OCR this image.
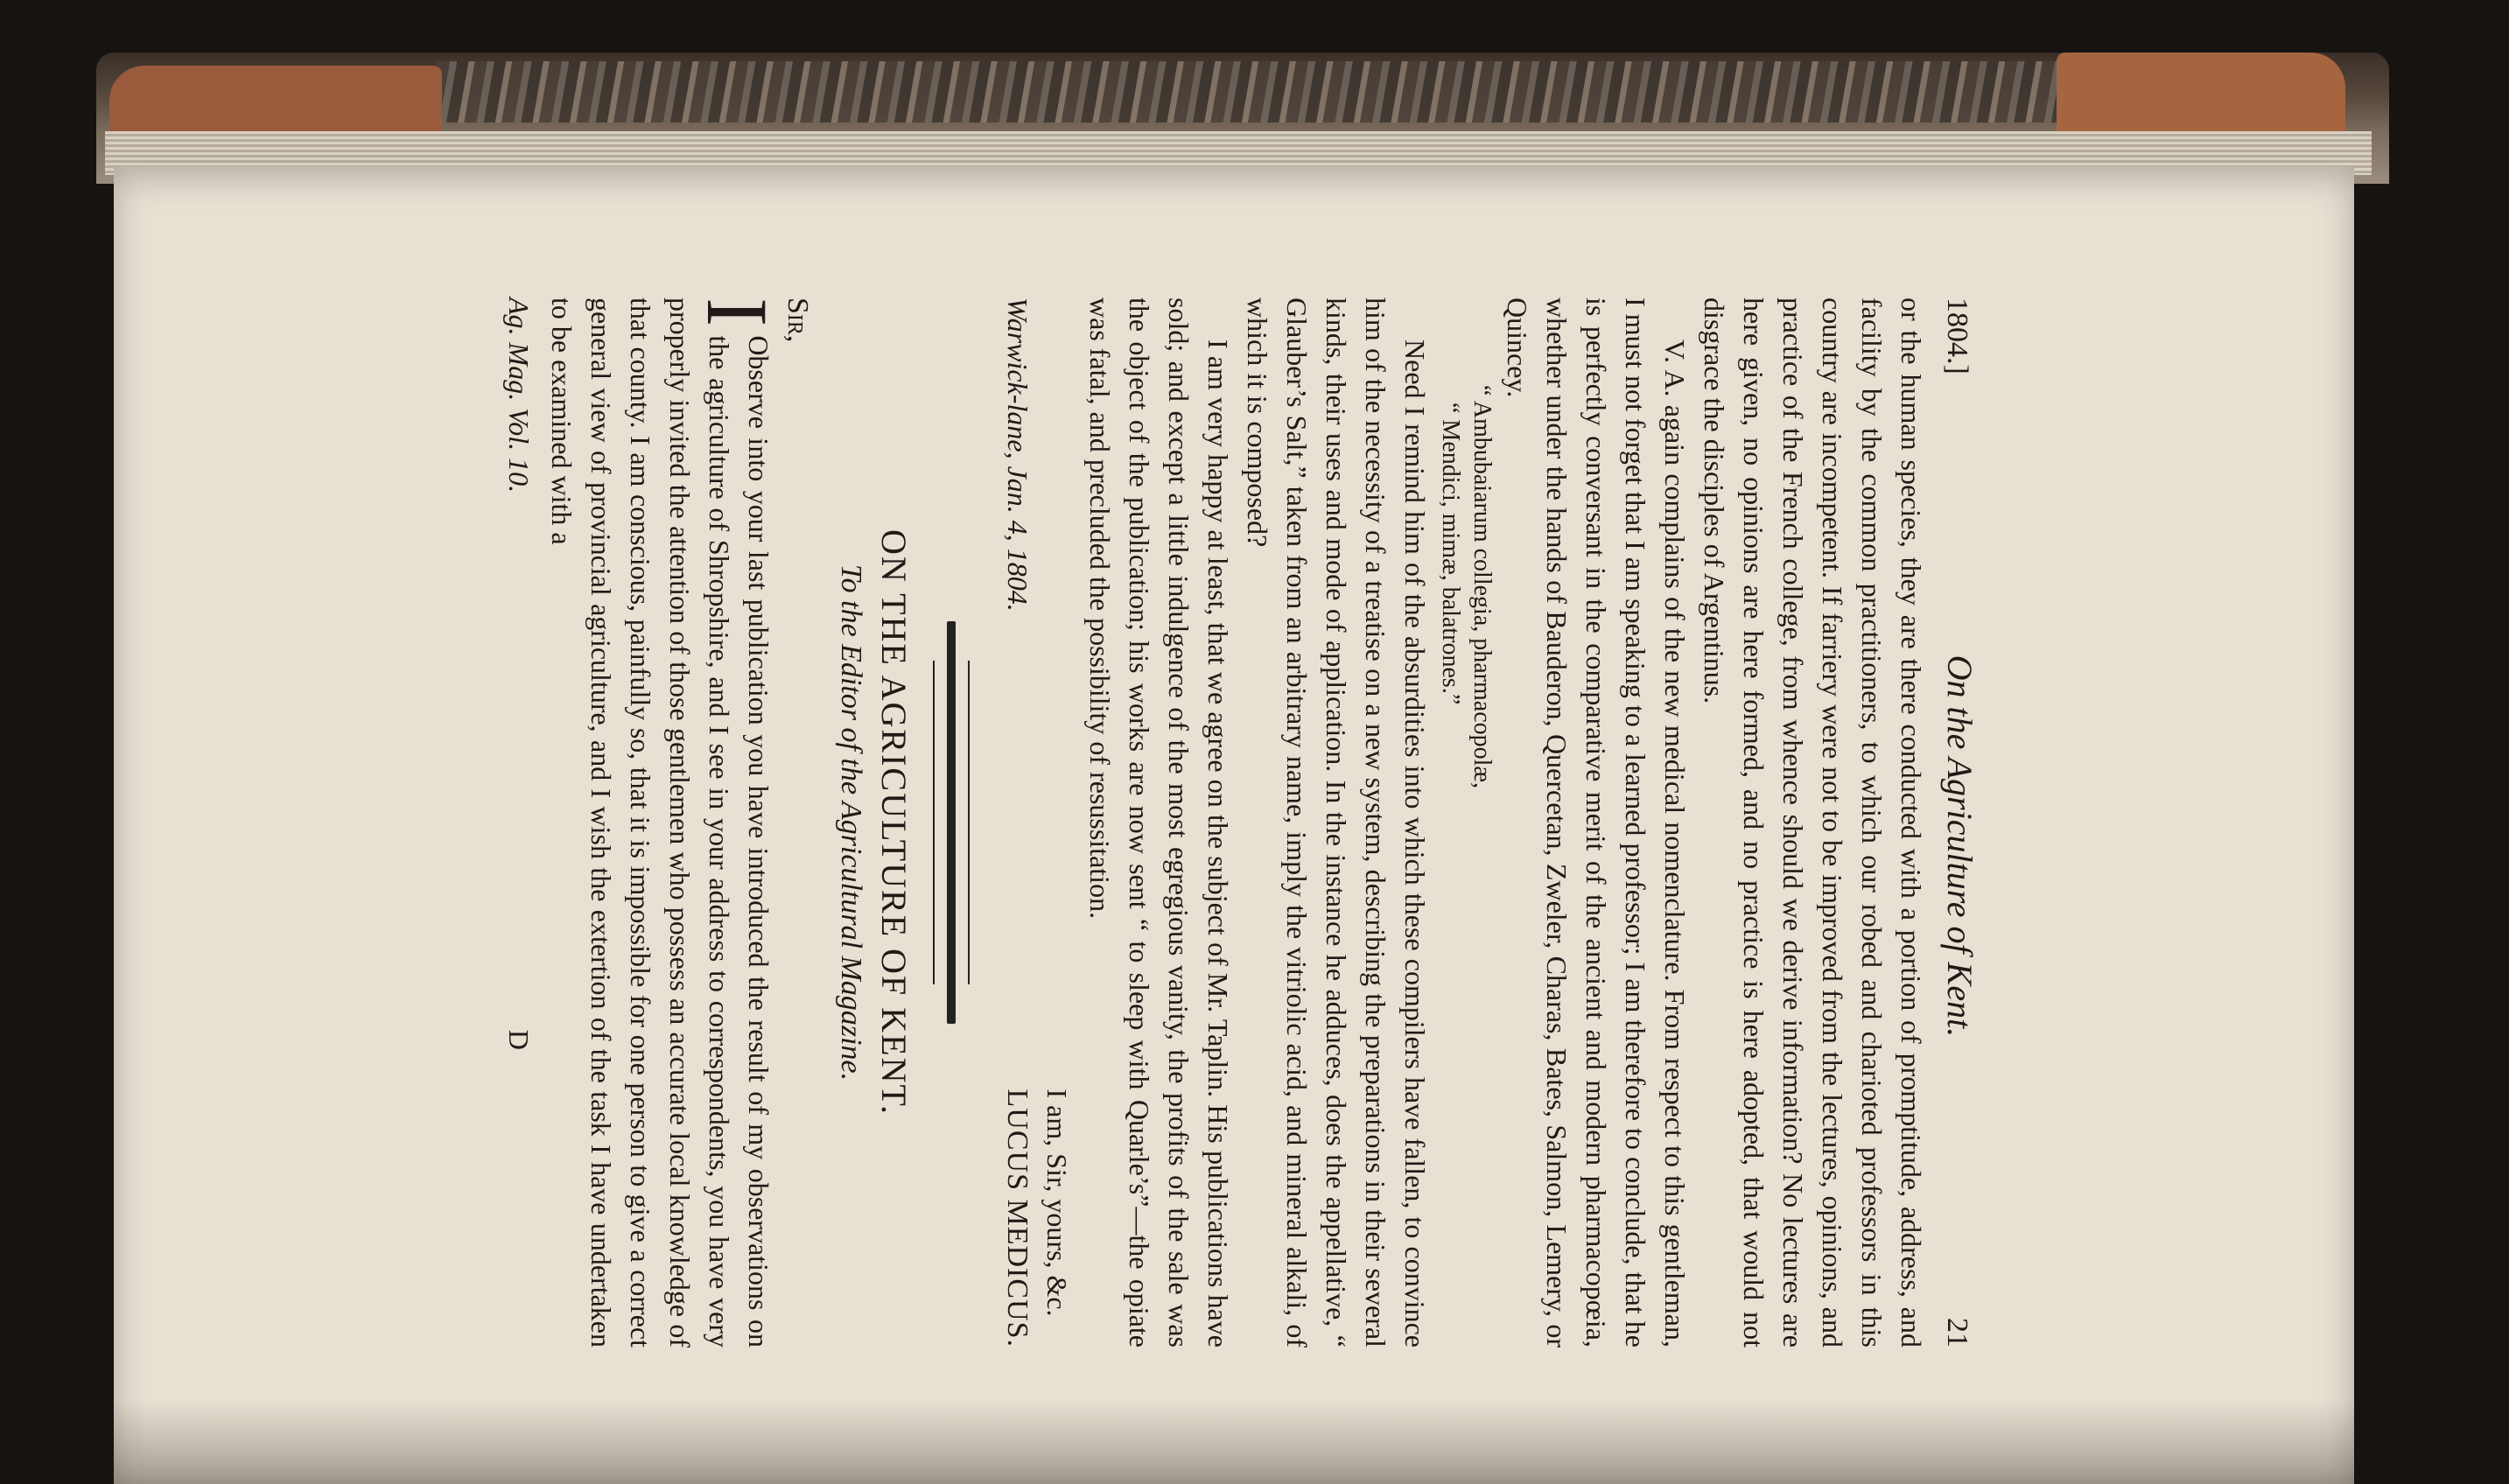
1804.]
On the Agriculture of Kent.
21

or the human species, they are there conducted with a portion of promptitude, address, and facility by the common practitioners, to which our robed and charioted professors in this country are incompetent. If farriery were not to be improved from the lectures, opinions, and practice of the French college, from whence should we derive information? No lectures are here given, no opinions are here formed, and no practice is here adopted, that would not disgrace the disciples of Argentinus.

V. A. again complains of the new medical nomenclature. From respect to this gentleman, I must not forget that I am speaking to a learned professor; I am therefore to conclude, that he is perfectly conversant in the comparative merit of the ancient and modern pharmacopœia, whether under the hands of Bauderon, Quercetan, Zweler, Charas, Bates, Salmon, Lemery, or Quincey.

“ Ambubaiarum collegia, pharmacopolæ,

“ Mendici, mimæ, balatrones.”

Need I remind him of the absurdities into which these compilers have fallen, to convince him of the necessity of a treatise on a new system, describing the preparations in their several kinds, their uses and mode of application. In the instance he adduces, does the appellative, “ Glauber’s Salt,” taken from an arbitrary name, imply the vitriolic acid, and mineral alkali, of which it is composed?

I am very happy at least, that we agree on the subject of Mr. Taplin. His publications have sold; and except a little indulgence of the most egregious vanity, the profits of the sale was the object of the publication; his works are now sent “ to sleep with Quarle’s”—the opiate was fatal, and precluded the possibility of resussitation.

Warwick-lane, Jan. 4, 1804.
I am, Sir, yours, &c.
LUCUS MEDICUS.
ON THE AGRICULTURE OF KENT.
To the Editor of the Agricultural Magazine.

Sir,

I
Observe into your last publication you have introduced the result of my observations on the agriculture of Shropshire, and I see in your address to correspondents, you have very properly invited the attention of those gentlemen who possess an accurate local knowledge of that county. I am conscious, painfully so, that it is impossible for one person to give a correct general view of provincial agriculture, and I wish the extertion of the task I have undertaken to be examined with a

Ag. Mag. Vol. 10.
D
